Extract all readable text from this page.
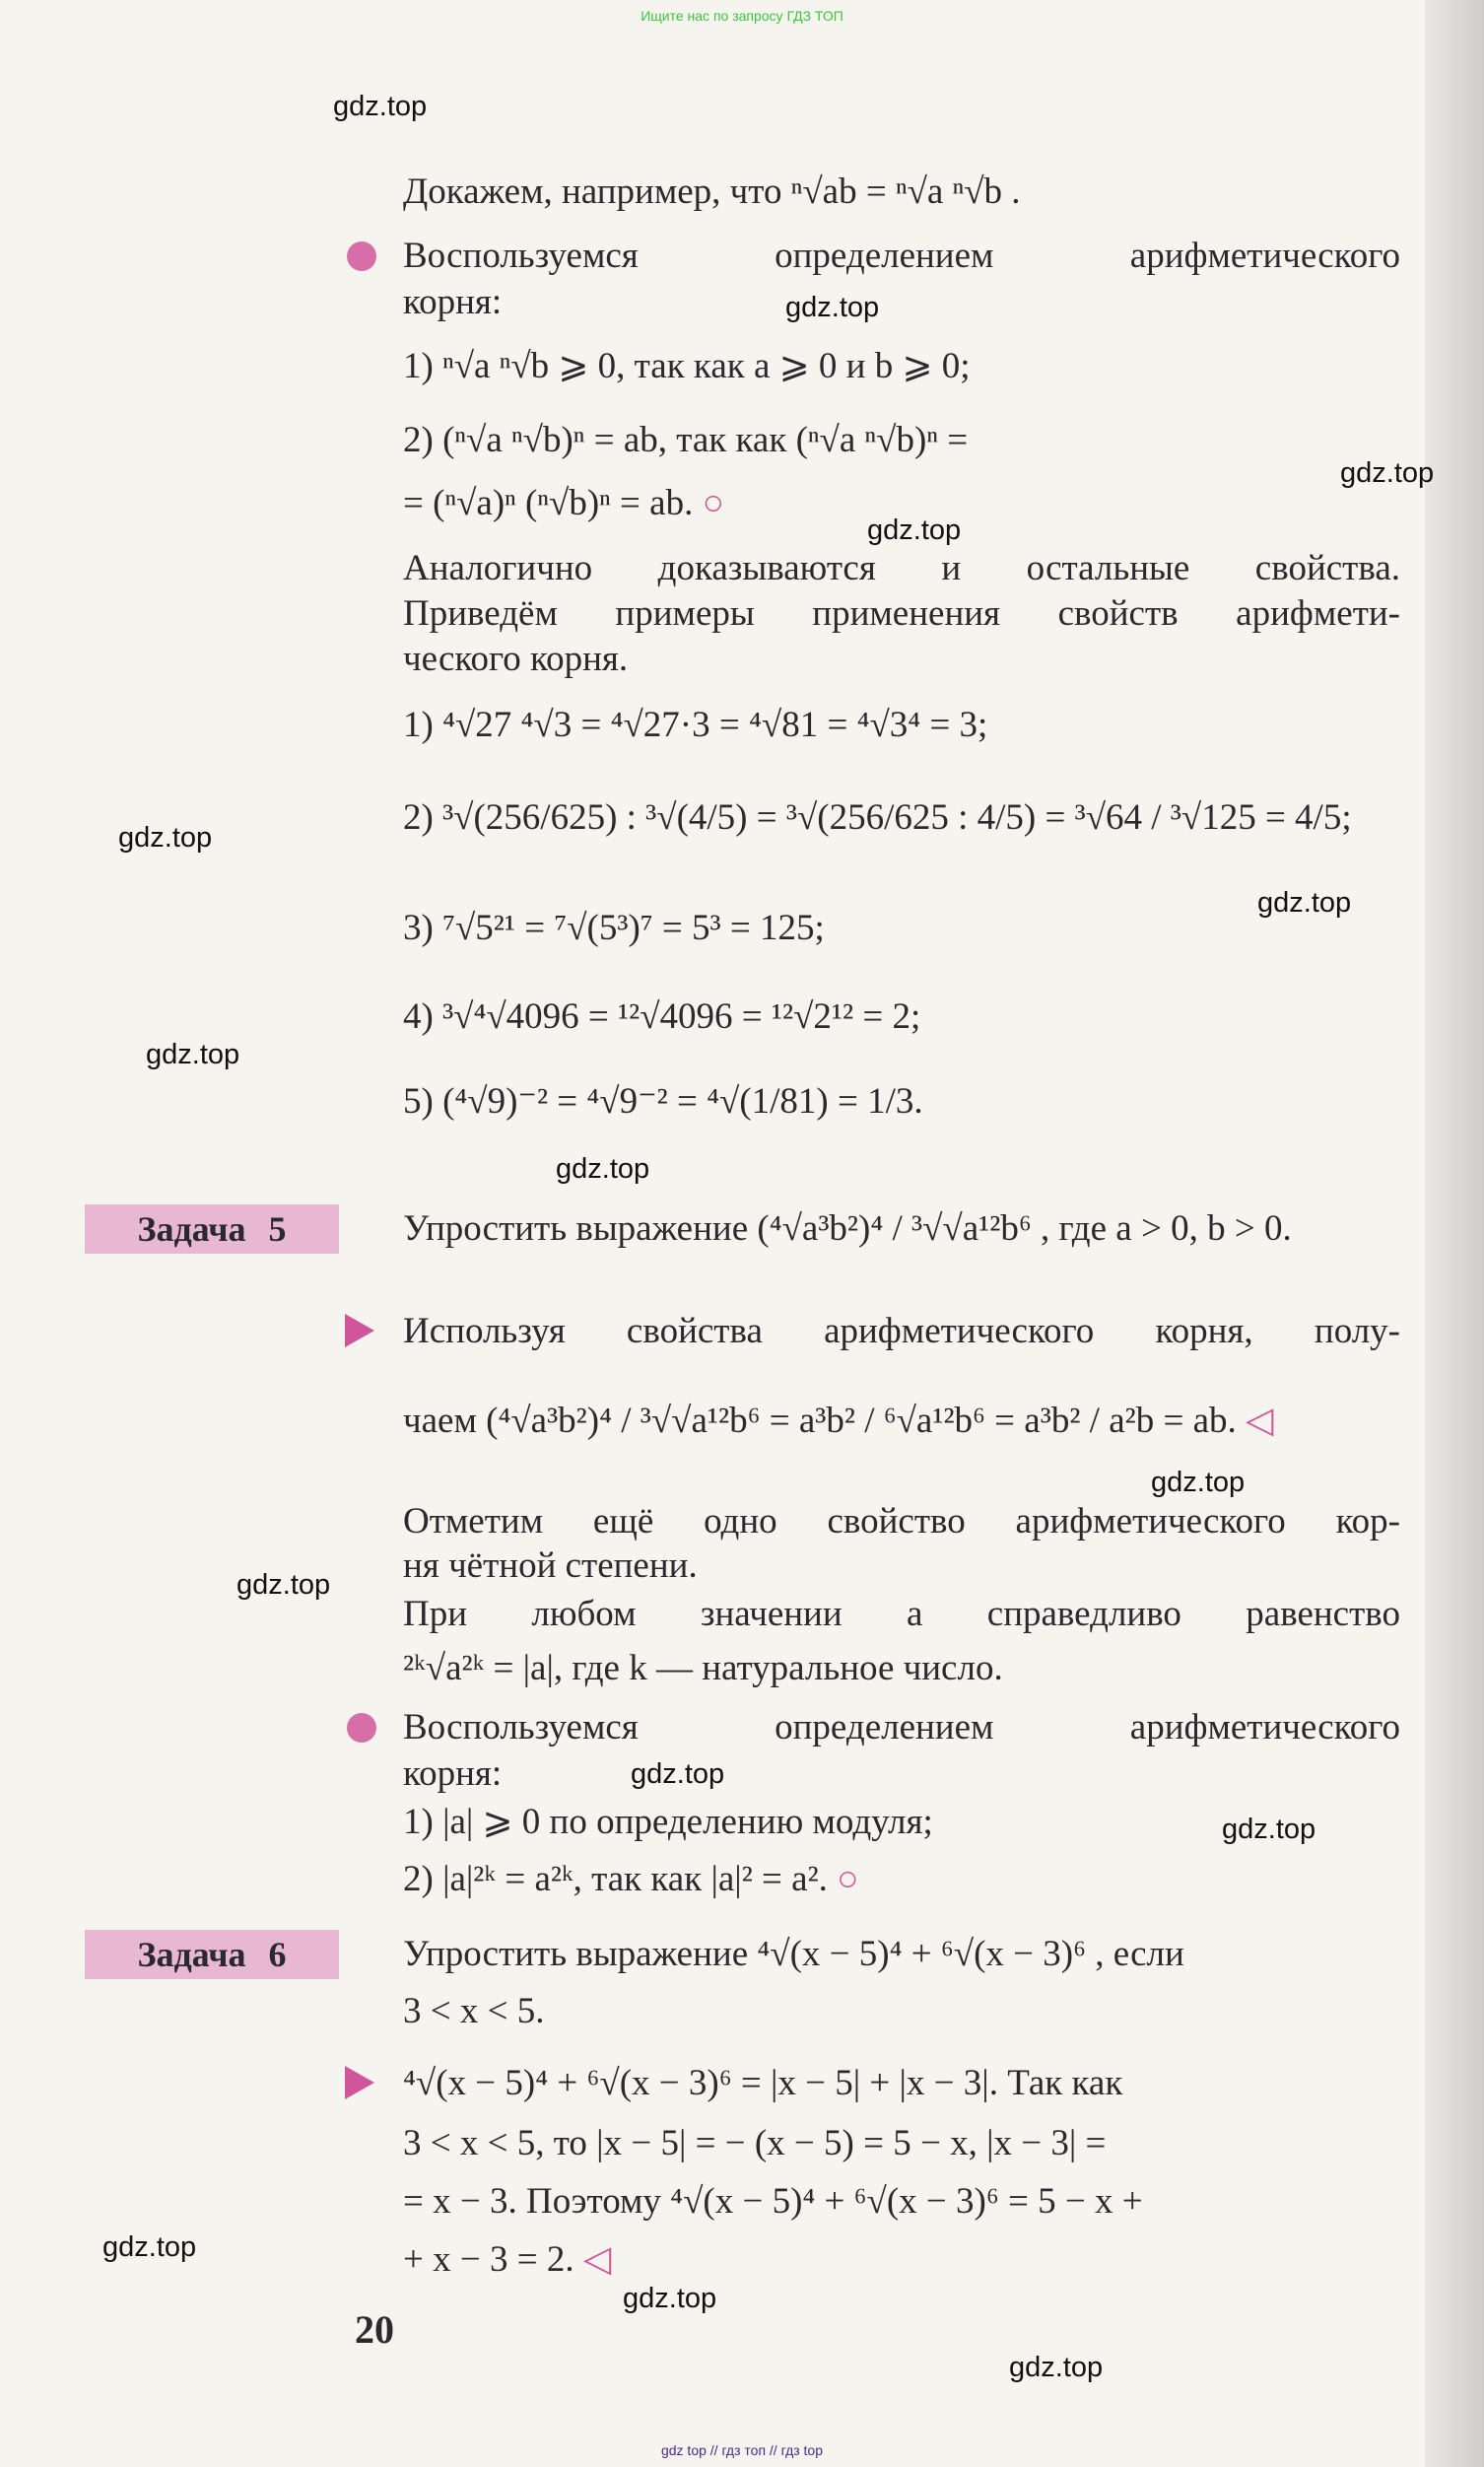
Ищите нас по запросу ГДЗ ТОП
gdz top // гдз топ // гдз top
Докажем, например, что ⁿ√ab = ⁿ√a ⁿ√b .
Воспользуемся определением арифметического
корня:
1) ⁿ√a ⁿ√b ⩾ 0, так как a ⩾ 0 и b ⩾ 0;
2) (ⁿ√a ⁿ√b)ⁿ = ab, так как (ⁿ√a ⁿ√b)ⁿ =
= (ⁿ√a)ⁿ (ⁿ√b)ⁿ = ab. ○
Аналогично доказываются и остальные свойства.
Приведём примеры применения свойств арифмети-
ческого корня.
1) ⁴√27 ⁴√3 = ⁴√27·3 = ⁴√81 = ⁴√3⁴ = 3;
2) ³√(256/625) : ³√(4/5) = ³√(256/625 : 4/5) = ³√64 / ³√125 = 4/5;
3) ⁷√5²¹ = ⁷√(5³)⁷ = 5³ = 125;
4) ³√⁴√4096 = ¹²√4096 = ¹²√2¹² = 2;
5) (⁴√9)⁻² = ⁴√9⁻² = ⁴√(1/81) = 1/3.
Задача 5	Упростить выражение (⁴√a³b²)⁴ / ³√√a¹²b⁶ , где a > 0, b > 0.
Используя свойства арифметического корня, полу-
чаем (⁴√a³b²)⁴ / ³√√a¹²b⁶ = a³b² / ⁶√a¹²b⁶ = a³b² / a²b = ab. ◁
Отметим ещё одно свойство арифметического кор-
ня чётной степени.
При любом значении a справедливо равенство
²ᵏ√a²ᵏ = |a|, где k — натуральное число.
Воспользуемся определением арифметического
корня:
1) |a| ⩾ 0 по определению модуля;
2) |a|²ᵏ = a²ᵏ, так как |a|² = a². ○
Задача 6	Упростить выражение ⁴√(x − 5)⁴ + ⁶√(x − 3)⁶ , если
3 < x < 5.
⁴√(x − 5)⁴ + ⁶√(x − 3)⁶ = |x − 5| + |x − 3|. Так как
3 < x < 5, то |x − 5| = − (x − 5) = 5 − x, |x − 3| =
= x − 3. Поэтому ⁴√(x − 5)⁴ + ⁶√(x − 3)⁶ = 5 − x +
+ x − 3 = 2. ◁
20
gdz.top
gdz.top
gdz.top
gdz.top
gdz.top
gdz.top
gdz.top
gdz.top
gdz.top
gdz.top
gdz.top
gdz.top
gdz.top
gdz.top
gdz.top
